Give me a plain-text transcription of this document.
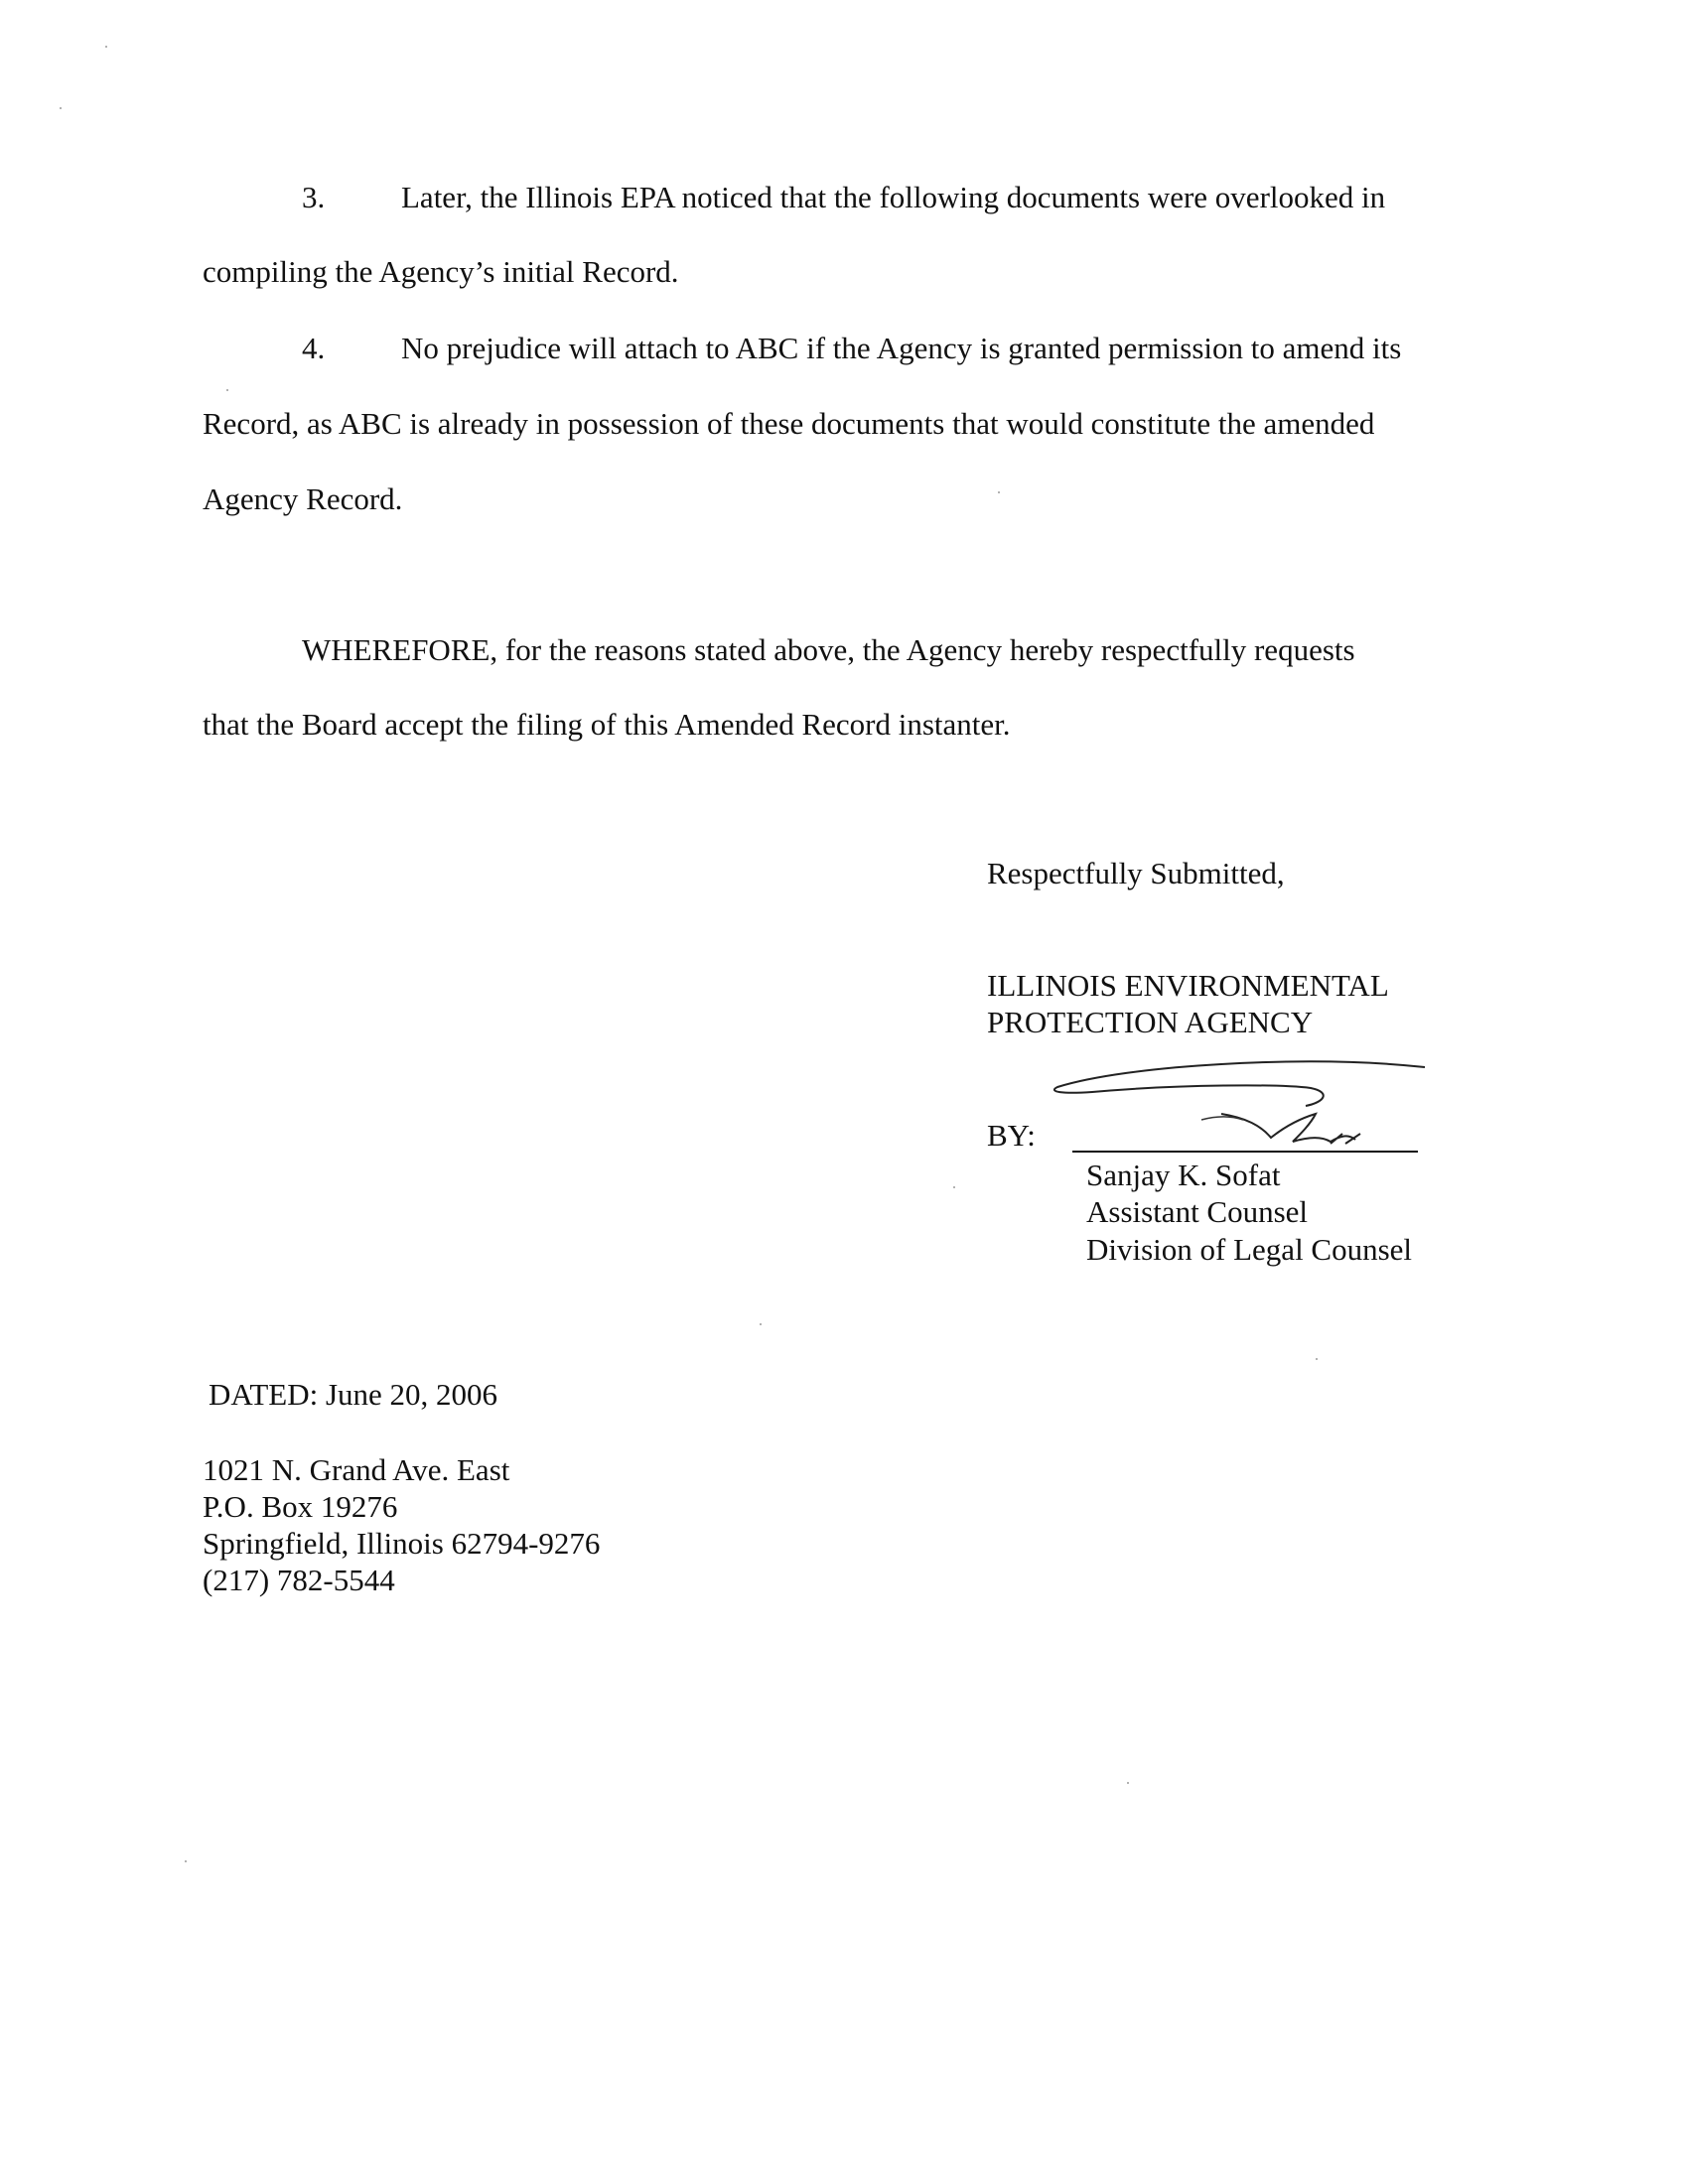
3. Later, the Illinois EPA noticed that the following documents were overlooked in
compiling the Agency’s initial Record.
4. No prejudice will attach to ABC if the Agency is granted permission to amend its
Record, as ABC is already in possession of these documents that would constitute the amended
Agency Record.
WHEREFORE, for the reasons stated above, the Agency hereby respectfully requests
that the Board accept the filing of this Amended Record instanter.
Respectfully Submitted,
ILLINOIS ENVIRONMENTAL
PROTECTION AGENCY
BY:
Sanjay K. Sofat
Assistant Counsel
Division of Legal Counsel
DATED: June 20, 2006
1021 N. Grand Ave. East
P.O. Box 19276
Springfield, Illinois 62794-9276
(217) 782-5544
